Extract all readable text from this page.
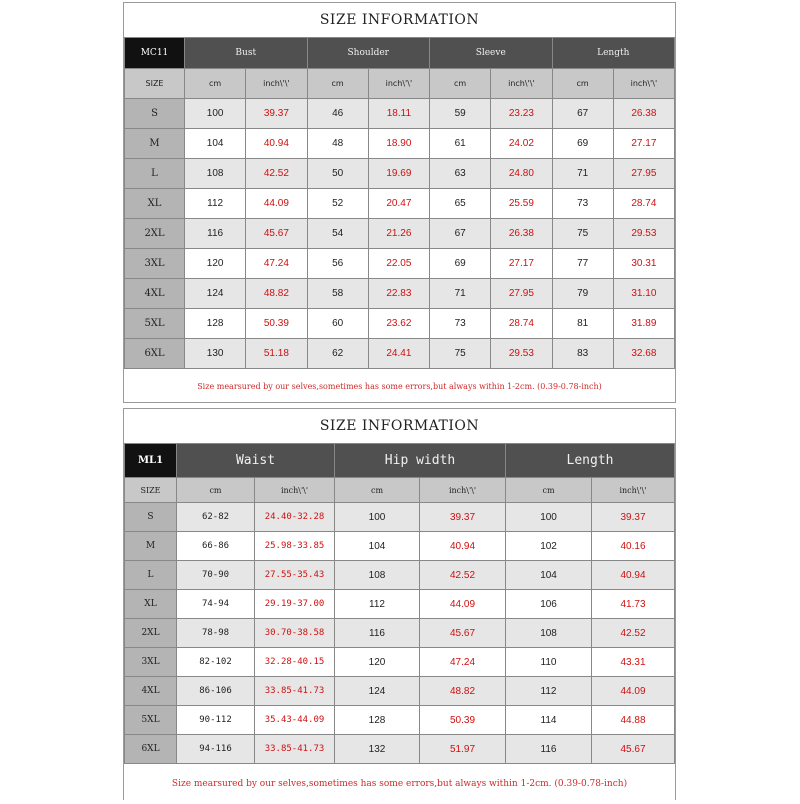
SIZE INFORMATION
MC11	Bust		Shoulder		Sleeve		Length	
SIZE	cm	inch\'\'	cm	inch\'\'	cm	inch\'\'	cm	inch\'\'
S	100	39.37	46	18.11	59	23.23	67	26.38
M	104	40.94	48	18.90	61	24.02	69	27.17
L	108	42.52	50	19.69	63	24.80	71	27.95
XL	112	44.09	52	20.47	65	25.59	73	28.74
2XL	116	45.67	54	21.26	67	26.38	75	29.53
3XL	120	47.24	56	22.05	69	27.17	77	30.31
4XL	124	48.82	58	22.83	71	27.95	79	31.10
5XL	128	50.39	60	23.62	73	28.74	81	31.89
6XL	130	51.18	62	24.41	75	29.53	83	32.68
Size mearsured by our selves,sometimes has some errors,but always within 1-2cm. (0.39-0.78-inch)
SIZE INFORMATION
ML1	Waist		Hip width		Length	
SIZE	cm	inch\'\'	cm	inch\'\'	cm	inch\'\'
S	62-82	24.40-32.28	100	39.37	100	39.37
M	66-86	25.98-33.85	104	40.94	102	40.16
L	70-90	27.55-35.43	108	42.52	104	40.94
XL	74-94	29.19-37.00	112	44.09	106	41.73
2XL	78-98	30.70-38.58	116	45.67	108	42.52
3XL	82-102	32.28-40.15	120	47.24	110	43.31
4XL	86-106	33.85-41.73	124	48.82	112	44.09
5XL	90-112	35.43-44.09	128	50.39	114	44.88
6XL	94-116	33.85-41.73	132	51.97	116	45.67
Size mearsured by our selves,sometimes has some errors,but always within 1-2cm. (0.39-0.78-inch)
